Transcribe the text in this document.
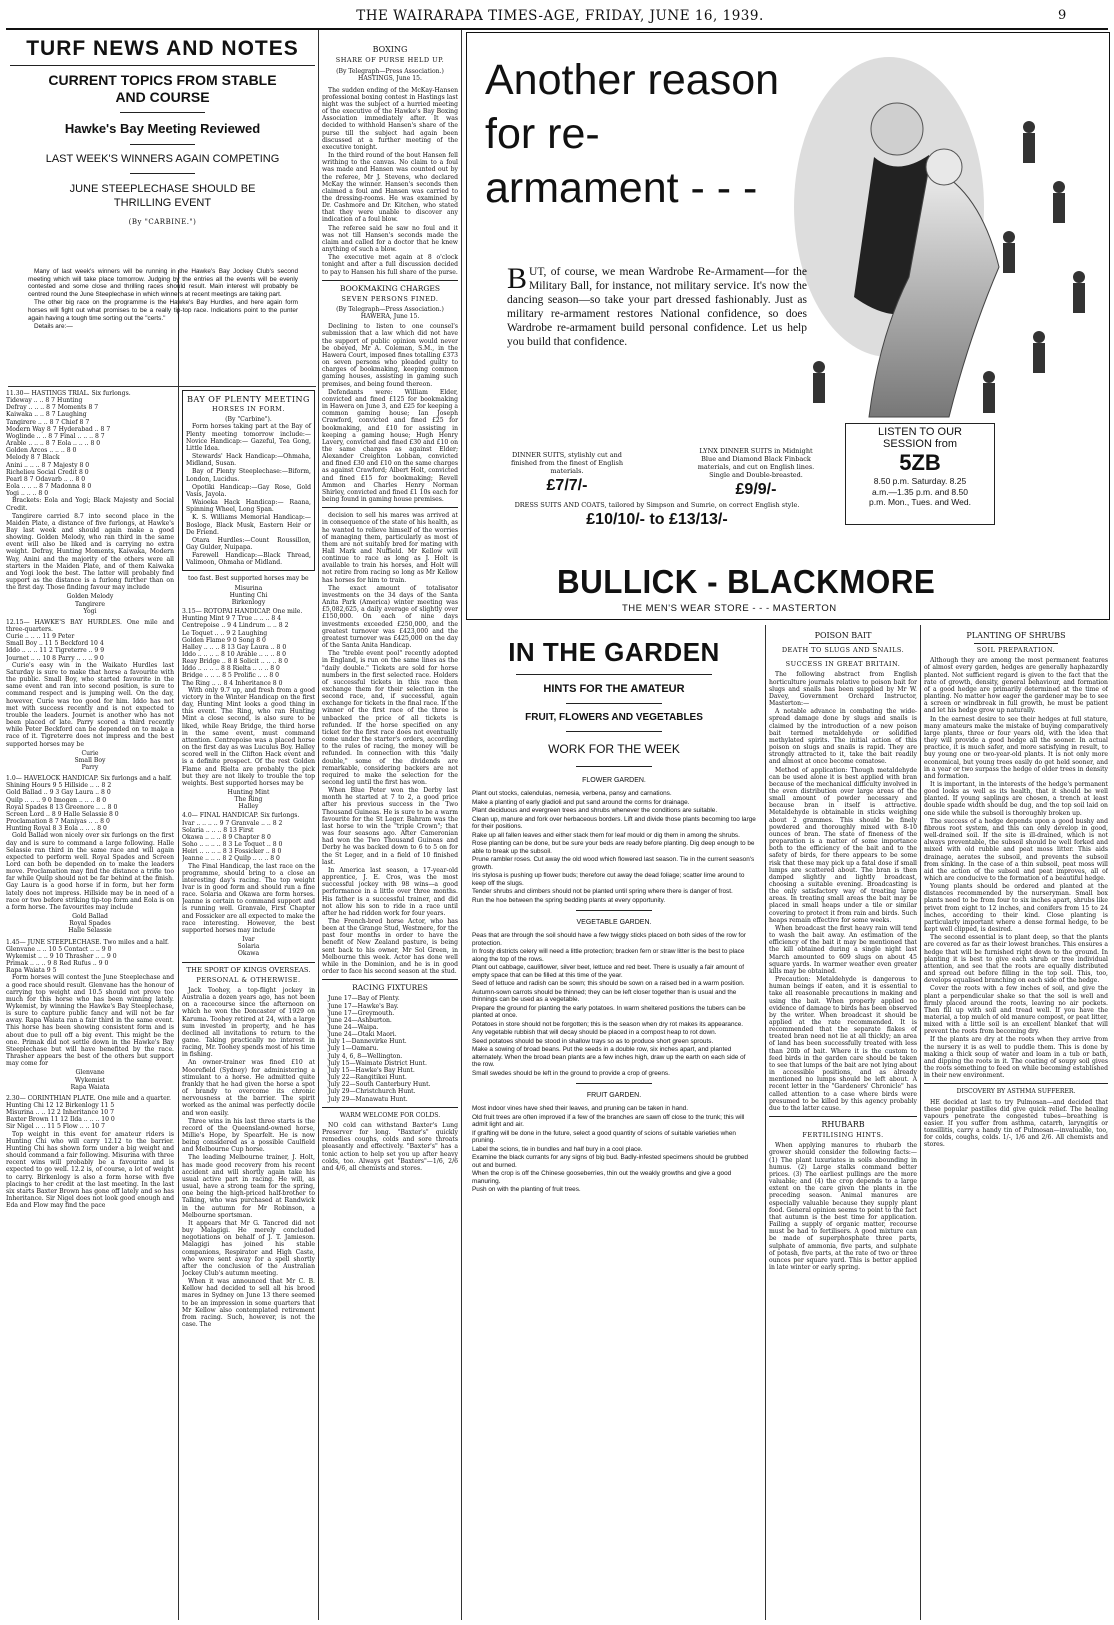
THE WAIRARAPA TIMES-AGE, FRIDAY, JUNE 16, 1939.	9
TURF NEWS AND NOTES
CURRENT TOPICS FROM STABLE AND COURSE
Hawke's Bay Meeting Reviewed
LAST WEEK'S WINNERS AGAIN COMPETING
JUNE STEEPLECHASE SHOULD BE THRILLING EVENT
(By "CARBINE.")

Many of last week's winners will be running in the Hawke's Bay Jockey Club's second meeting which will take place tomorrow. Judging by the entries all the events will be evenly contested and some close and thrilling races should result. Main interest will probably be centred round the June Steeplechase in which winners at recent meetings are taking part.

The other big race on the programme is the Hawke's Bay Hurdles, and here again form horses will fight out what promises to be a really tip-top race. Indications point to the punter again having a tough time sorting out the "certs."

Details are:—

11.30— HASTINGS TRIAL. Six furlongs.
Tideway .. .. 8 7 Hunting
Defray .. .. .. 8 7 Moments 8 7
Kaiwaka .. .. 8 7 Laughing
Tangirere .. .. 8 7 Chief 8 7
Modern Way 8 7 Hyderabad .. 8 7
Woglinde .. .. 8 7 Final .. .. .. 8 7
Arable .. .. .. 8 7 Eola .. .. .. 8 0
Golden Arcos .. .. .. 8 0
Melody 8 7 Black
Anini .. .. .. 8 7 Majesty 8 0
Richelieu Social Credit 8 0
Pearl 8 7 Odavarb .. .. 8 0
Eola .. .. .. 8 7 Madonna 8 0
Yogi .. .. .. 8 0

Brackets: Eola and Yogi; Black Majesty and Social Credit.

Tangirere carried 8.7 into second place in the Maiden Plate, a distance of five furlongs, at Hawke's Bay last week and should again make a good showing. Golden Melody, who ran third in the same event will also be liked and is carrying no extra weight. Defray, Hunting Moments, Kaiwaka, Modern Way, Anini and the majority of the others were all starters in the Maiden Plate, and of them Kaiwaka and Yogi look the best. The latter will probably find support as the distance is a furlong further than on the first day. Those finding favour may include

Golden Melody
Tangirere
Yogi
12.15— HAWKE'S BAY HURDLES. One mile and three-quarters.
Curie .. .. .. 11 9 Peter
Small Boy .. 11 5 Beckford 10 4
Iddo .. .. .. 11 2 Tigreterre .. 9 9
Journet .. .. 10 8 Parry .. .. .. 9 0

Curie's easy win in the Waikato Hurdles last Saturday is sure to make that horse a favourite with the public. Small Boy, who started favourite in the same event and ran into second position, is sure to command respect and is jumping well. On the day, however, Curie was too good for him. Iddo has not met with success recently and is not expected to trouble the leaders. Journet is another who has not been placed of late. Parry scored a third recently while Peter Beckford can be depended on to make a race of it. Tigreterre does not impress and the best supported horses may be

Curie
Small Boy
Parry
1.0— HAVELOCK HANDICAP. Six furlongs and a half.
Shining Hours 9 5 Hillside .. .. 8 2
Gold Ballad .. 9 3 Gay Laura .. 8 0
Quilp .. .. .. 9 0 Imogen .. .. .. 8 0
Royal Spades 8 13 Greenore .. .. 8 0
Screen Lord .. 8 9 Halle Selassie 8 0
Proclamation 8 7 Maniyas .. .. 8 0
Hunting Royal 8 3 Eola .. .. .. 8 0

Gold Ballad won nicely over six furlongs on the first day and is sure to command a large following. Halle Selassie ran third in the same race and will again expected to perform well. Royal Spades and Screen Lord can both be depended on to make the leaders move. Proclamation may find the distance a trifle too far while Quilp should not be far behind at the finish. Gay Laura is a good horse if in form, but her form lately does not impress. Hillside may be in need of a race or two before striking tip-top form and Eola is on a form horse. The favourites may include

Gold Ballad
Royal Spades
Halle Selassie
1.45— JUNE STEEPLECHASE. Two miles and a half.
Glenvane .. .. 10 5 Contact .. .. 9 0
Wykemist .. .. 9 10 Thrasher .. .. 9 0
Primak .. .. .. 9 8 Red Rufus .. 9 0
Rapa Waiata 9 5

Form horses will contest the June Steeplechase and a good race should result. Glenvane has the honour of carrying top weight and 10.5 should not prove too much for this horse who has been winning lately. Wykemist, by winning the Hawke's Bay Steeplechase, is sure to capture public fancy and will not be far away. Rapa Waiata ran a fair third in the same event. This horse has been showing consistent form and is about due to pull off a big event. This might be the one. Primak did not settle down in the Hawke's Bay Steeplechase but will have benefited by the race. Thrasher appears the best of the others but support may come for

Glenvane
Wykemist
Rapa Waiata
2.30— CORINTHIAN PLATE. One mile and a quarter.
Hunting Chi 12 12 Birkenlogy 11 5
Misurina .. .. 12 2 Inheritance 10 7
Baxter Brown 11 12 Ilda .. .. .. 10 0
Sir Nigel .. .. 11 5 Flow .. .. 10 7

Top weight in this event for amateur riders is Hunting Chi who will carry 12.12 to the barrier. Hunting Chi has shown form under a big weight and should command a fair following. Misurina with three recent wins will probably be a favourite and is expected to go well. 12.2 is, of course, a lot of weight to carry. Birkenlogy is also a form horse with five placings to her credit at the last meeting. In the last six starts Baxter Brown has gone off lately and so has Inheritance. Sir Nigel does not look good enough and Eda and Flow may find the pace

BAY OF PLENTY MEETING
HORSES IN FORM.
(By "Carbine").

Form horses taking part at the Bay of Plenty meeting tomorrow include:— Novice Handicap:— Gazeful, Tea Gong, Little Idea.

Stewards' Hack Handicap:—Ohmaha, Midland, Susan.

Bay of Plenty Steeplechase:—Biform, London, Lucidus.

Opotiki Handicap:—Gay Rose, Gold Vasis, Jayola.

Waioeka Hack Handicap:— Raana, Spinning Wheel, Long Span.

K. S. Williams Memorial Handicap:— Bosloge, Black Musk, Eastern Heir or De Friend.

Otara Hurdles:—Count Roussillon, Gay Gulder, Nuipapa.

Farewell Handicap:—Black Thread, Valimoon, Ohmaha or Midland.

too fast. Best supported horses may be

Misurina
Hunting Chi
Birkenlogy
3.15— ROTOPAI HANDICAP. One mile.
Hunting Mint 9 7 True .. .. .. 8 4
Centrepoise .. 9 4 Lindrum .. .. 8 2
Le Toquet .. .. 9 2 Laughing
Golden Flame 9 0 Song 8 0
Halley .. .. .. 8 13 Gay Laura .. 8 0
Iddo .. .. .. .. 8 10 Arable .. .. .. 8 0
Reay Bridge .. 8 8 Solicit .. .. .. 8 0
Iddo .. .. .. .. 8 8 Rielta .. .. .. 8 0
Bridge .. .. .. 8 5 Prolific .. .. 8 0
The Ring .. .. 8 4 Inheritance 8 0

With only 9.7 up, and fresh from a good victory in the Winter Handicap on the first day, Hunting Mint looks a good thing in this event. The Ring, who ran Hunting Mint a close second, is also sure to be liked, while Reay Bridge, the third horse in the same event, must command attention. Centrepoise was a placed horse on the first day as was Luculus Boy. Halley scored well in the Clifton Hack event and is a definite prospect. Of the rest Golden Flame and Rielta are probably the pick but they are not likely to trouble the top weights. Best supported horses may be

Hunting Mint
The Ring
Halley
4.0— FINAL HANDICAP. Six furlongs.
Ivar .. .. .. .. 9 7 Granvale .. .. 8 2
Solaria .. .. .. 8 13 First
Okawa .. .. .. 8 9 Chapter 8 0
Soho .. .. .. .. 8 3 Le Toquet .. 8 0
Heiri .. .. .. .. 8 3 Fossicker .. 8 0
Jeanne .. .. .. 8 2 Quilp .. .. .. 8 0

The Final Handicap, the last race on the programme, should bring to a close an interesting day's racing. The top weight Ivar is in good form and should run a fine race. Solaria and Okawa are form horses. Jeanne is certain to command support and is running well. Granvale, First Chapter and Fossicker are all expected to make the race interesting. However, the best supported horses may include

Ivar
Solaria
Okawa
THE SPORT OF KINGS OVERSEAS.
PERSONAL & OTHERWISE.

Jack Toohey, a top-flight jockey in Australia a dozen years ago, has not been on a racecourse since the afternoon on which he won the Doncaster of 1929 on Karuma. Toohey retired at 24, with a large sum invested in property, and he has declined all invitations to return to the game. Taking practically no interest in racing, Mr. Toohey spends most of his time in fishing.

An owner-trainer was fined £10 at Moorefield (Sydney) for administering a stimulant to a horse. He admitted quite frankly that he had given the horse a spot of brandy to overcome its chronic nervousness at the barrier. The spirit worked as the animal was perfectly docile and won easily.

Three wins in his last three starts is the record of the Queensland-owned horse, Millie's Hope, by Spearfelt. He is now being considered as a possible Caulfield and Melbourne Cup horse.

The leading Melbourne trainer, J. Holt, has made good recovery from his recent accident and will shortly again take his usual active part in racing. He will, as usual, have a strong team for the spring, one being the high-priced half-brother to Talking, who was purchased at Randwick in the autumn for Mr Robinson, a Melbourne sportsman.

It appears that Mr G. Tancred did not buy Malagigi. He merely concluded negotiations on behalf of J. T. Jamieson. Malagigi has joined his stable companions, Respirator and High Caste, who were sent away for a spell shortly after the conclusion of the Australian Jockey Club's autumn meeting.

When it was announced that Mr C. B. Kellow had decided to sell all his brood mares in Sydney on June 13 there seemed to be an impression in some quarters that Mr Kellow also contemplated retirement from racing. Such, however, is not the case. The

BOXING
SHARE OF PURSE HELD UP.
(By Telegraph—Press Association.) HASTINGS, June 15.

The sudden ending of the McKay-Hansen professional boxing contest in Hastings last night was the subject of a hurried meeting of the executive of the Hawke's Bay Boxing Association immediately after. It was decided to withhold Hansen's share of the purse till the subject had again been discussed at a further meeting of the executive tonight.

In the third round of the bout Hansen fell writhing to the canvas. No claim to a foul was made and Hansen was counted out by the referee, Mr J. Stevens, who declared McKay the winner. Hansen's seconds then claimed a foul and Hansen was carried to the dressing-rooms. He was examined by Dr. Cashmore and Dr. Kitchen, who stated that they were unable to discover any indication of a foul blow.

The referee said he saw no foul and it was not till Hansen's seconds made the claim and called for a doctor that he knew anything of such a blow.

The executive met again at 8 o'clock tonight and after a full discussion decided to pay to Hansen his full share of the purse.

BOOKMAKING CHARGES
SEVEN PERSONS FINED.
(By Telegraph—Press Association.) HAWERA, June 15.

Declining to listen to one counsel's submission that a law which did not have the support of public opinion would never be obeyed, Mr A. Coleman, S.M., in the Hawera Court, imposed fines totalling £373 on seven persons who pleaded guilty to charges of bookmaking, keeping common gaming houses, assisting in gaming such premises, and being found thereon.

Defendants were: William Elder, convicted and fined £125 for bookmaking in Hawera on June 3, and £25 for keeping a common gaming house; Ian Joseph Crawford, convicted and fined £25 for bookmaking, and £10 for assisting in keeping a gaming house; Hugh Henry Lavery, convicted and fined £30 and £10 on the same charges as against Elder; Alexander Creighton Lobban, convicted and fined £30 and £10 on the same charges as against Crawford; Albert Holt, convicted and fined £15 for bookmaking; Revell Ammon and Charles Henry Norman Shirley, convicted and fined £1 10s each for being found in gaming house premises.

decision to sell his mares was arrived at in consequence of the state of his health, as he wanted to relieve himself of the worries of managing them, particularly as most of them are not suitably bred for mating with Hall Mark and Nuffield. Mr Kellow will continue to race as long as J. Holt is available to train his horses, and Holt will not retire from racing so long as Mr Kellow has horses for him to train.

The exact amount of totalisator investments on the 34 days of the Santa Anita Park (America) winter meeting was £5,082,625, a daily average of slightly over £150,000. On each of nine days investments exceeded £250,000, and the greatest turnover was £423,000 and the greatest turnover was £425,000 on the day of the Santa Anita Handicap.

The "treble event pool" recently adopted in England, is run on the same lines as the "daily double." Tickets are sold for horse numbers in the first selected race. Holders of successful tickets in this race then exchange them for their selection in the second race, and, if successful, again exchange for tickets in the final race. If the winner of the first race of the three is unbacked the price of all tickets is refunded. If the horse specified on any ticket for the first race does not eventually come under the starter's orders, according to the rules of racing, the money will be refunded. In connection with this "daily double," some of the dividends are remarkable, considering backers are not required to make the selection for the second leg until the first has won.

When Blue Peter won the Derby last month he started at 7 to 2, a good price after his previous success in the Two Thousand Guineas. He is sure to be a warm favourite for the St Leger. Bahram was the last horse to win the "triple Crown"; that was four seasons ago. After Cameronian had won the Two Thousand Guineas and Derby he was backed down to 6 to 5 on for the St Leger, and in a field of 10 finished last.

In America last season, a 17-year-old apprentice, J. E. Cros, was the most successful jockey with 98 wins—a good performance in a little over three months. His father is a successful trainer, and did not allow his son to ride in a race until after he had ridden work for four years.

The French-bred horse Actor, who has been at the Grange Stud, Westmere, for the past four months in order to have the benefit of New Zealand pasture, is being sent back to his owner, Mr Sol Green, in Melbourne this week. Actor has done well while in the Dominion, and he is in good order to face his second season at the stud.

RACING FIXTURES
June 17—Bay of Plenty.
June 17—Hawke's Bay.
June 17—Greymouth.
June 24—Ashburton.
June 24—Waipa.
June 24—Otaki Maori.
July 1—Dannevirke Hunt.
July 1—Oamaru.
July 4, 6, 8—Wellington.
July 15—Waimate District Hunt.
July 15—Hawke's Bay Hunt.
July 22—Rangitikei Hunt.
July 22—South Canterbury Hunt.
July 29—Christchurch Hunt.
July 29—Manawatu Hunt.
WARM WELCOME FOR COLDS.

NO cold can withstand Baxter's Lung Preserver for long. "Baxter's" quickly remedies coughs, colds and sore throats pleasantly and effectively. "Baxter's" has a tonic action to help set you up after heavy colds, too. Always get "Baxters"—1/6, 2/6 and 4/6, all chemists and stores.

Another reason for re-armament - - -
B UT, of course, we mean Wardrobe Re-Armament—for the Military Ball, for instance, not military service. It's now the dancing season—so take your part dressed fashionably. Just as military re-armament restores National confidence, so does Wardrobe re-armament build personal confidence. Let us help you build that confidence.
DINNER SUITS, stylishly cut and finished from the finest of English materials.
£7/7/-
LYNX DINNER SUITS in Midnight Blue and Diamond Black Finback materials, and cut on English lines. Single and Double-breasted.
£9/9/-
DRESS SUITS AND COATS, tailored by Simpson and Sumrie, on correct English style.
£10/10/- to £13/13/-
LISTEN TO OUR SESSION from
5ZB
8.50 p.m. Saturday. 8.25 a.m.—1.35 p.m. and 8.50 p.m. Mon., Tues. and Wed.
BULLICK - BLACKMORE
THE MEN'S WEAR STORE - - - MASTERTON
IN THE GARDEN
HINTS FOR THE AMATEUR
FRUIT, FLOWERS AND VEGETABLES
WORK FOR THE WEEK
FLOWER GARDEN.
Plant out stocks, calendulas, nemesia, verbena, pansy and carnations.
Make a planting of early gladioli and put sand around the corms for drainage.
Plant deciduous and evergreen trees and shrubs whenever the conditions are suitable.
Clean up, manure and fork over herbaceous borders. Lift and divide those plants becoming too large for their positions.
Rake up all fallen leaves and either stack them for leaf mould or dig them in among the shrubs.
Rose planting can be done, but be sure your beds are ready before planting. Dig deep enough to be able to break up the subsoil.
Prune rambler roses. Cut away the old wood which flowered last season. Tie in the current season's growth.
Iris stylosa is pushing up flower buds; therefore cut away the dead foliage; scatter lime around to keep off the slugs.
Tender shrubs and climbers should not be planted until spring where there is danger of frost.
Run the hoe between the spring bedding plants at every opportunity.
VEGETABLE GARDEN.
Peas that are through the soil should have a few twiggy sticks placed on both sides of the row for protection.
In frosty districts celery will need a little protection; bracken fern or straw litter is the best to place along the top of the rows.
Plant out cabbage, cauliflower, silver beet, lettuce and red beet. There is usually a fair amount of empty space that can be filled at this time of the year.
Seed of lettuce and radish can be sown; this should be sown on a raised bed in a warm position.
Autumn-sown carrots should be thinned; they can be left closer together than is usual and the thinnings can be used as a vegetable.
Prepare the ground for planting the early potatoes. In warm sheltered positions the tubers can be planted at once.
Potatoes in store should not be forgotten; this is the season when dry rot makes its appearance.
Any vegetable rubbish that will decay should be placed in a compost heap to rot down.
Seed potatoes should be stood in shallow trays so as to produce short green sprouts.
Make a sowing of broad beans. Put the seeds in a double row, six inches apart, and planted alternately. When the broad bean plants are a few inches high, draw up the earth on each side of the row.
Small swedes should be left in the ground to provide a crop of greens.
FRUIT GARDEN.
Most indoor vines have shed their leaves, and pruning can be taken in hand.
Old fruit trees are often improved if a few of the branches are sawn off close to the trunk; this will admit light and air.
If grafting will be done in the future, select a good quantity of scions of suitable varieties when pruning.
Label the scions, tie in bundles and half bury in a cool place.
Examine the black currants for any signs of big bud. Badly-infested specimens should be grubbed out and burned.
When the crop is off the Chinese gooseberries, thin out the weakly growths and give a good manuring.
Push on with the planting of fruit trees.
POISON BAIT
DEATH TO SLUGS AND SNAILS.
SUCCESS IN GREAT BRITAIN.

The following abstract from English horticulture journals relative to poison bait for slugs and snails has been supplied by Mr W. Davey, Government Orchard Instructor, Masterton:—

A notable advance in combating the wide-spread damage done by slugs and snails is claimed by the introduction of a new poison bait termed metaldehyde or solidified methylated spirits. The initial action of this poison on slugs and snails is rapid. They are strongly attracted to it, take the bait readily and almost at once become comatose.

Method of application: Though metaldehyde can be used alone it is best applied with bran because of the mechanical difficulty involved in the even distribution over large areas of the small amount of powder necessary and because bran in itself is attractive. Metaldehyde is obtainable in sticks weighing about 2 grammes. This should be finely powdered and thoroughly mixed with 8-10 ounces of bran. The state of fineness of the preparation is a matter of some importance both to the efficiency of the bait and to the safety of birds, for there appears to be some risk that these may pick up a fatal dose if small lumps are scattered about. The bran is then damped slightly and lightly broadcast, choosing a suitable evening. Broadcasting is the only satisfactory way of treating large areas. In treating small areas the bait may be placed in small heaps under a tile or similar covering to protect it from rain and birds. Such heaps remain effective for some weeks.

When broadcast the first heavy rain will tend to wash the bait away. An estimation of the efficiency of the bait it may be mentioned that the kill obtained during a single night last March amounted to 609 slugs on about 45 square yards. In warmer weather even greater kills may be obtained.

Precaution: Metaldehyde is dangerous to human beings if eaten, and it is essential to take all reasonable precautions in making and using the bait. When properly applied no evidence of damage to birds has been observed by the writer. When broadcast it should be applied at the rate recommended. It is recommended that the separate flakes of treated bran need not lie at all thickly; an area of land has been successfully treated with less than 20lb of bait. Where it is the custom to feed birds in the garden care should be taken to see that lumps of the bait are not lying about in accessible positions, and as already mentioned no lumps should be left about. A recent letter in the "Gardeners' Chronicle" has called attention to a case where birds were presumed to be killed by this agency probably due to the latter cause.

RHUBARB
FERTILISING HINTS.

When applying manures to rhubarb the grower should consider the following facts:—(1) The plant luxuriates in soils abounding in humus. (2) Large stalks command better prices. (3) The earliest pullings are the more valuable; and (4) the crop depends to a large extent on the care given the plants in the preceding season. Animal manures are especially valuable because they supply plant food. General opinion seems to point to the fact that autumn is the best time for application. Failing a supply of organic matter, recourse must be had to fertilisers. A good mixture can be made of superphosphate three parts, sulphate of ammonia, five parts, and sulphate of potash, five parts, at the rate of two or three ounces per square yard. This is better applied in late winter or early spring.

PLANTING OF SHRUBS
SOIL PREPARATION.

Although they are among the most permanent features of almost every garden, hedges are generally haphazardly planted. Not sufficient regard is given to the fact that the rate of growth, density, general behaviour, and formation of a good hedge are primarily determined at the time of planting. No matter how eager the gardener may be to see a screen or windbreak in full growth, he must be patient and let his hedge grow up naturally.

In the earnest desire to see their hedges at full stature, many amateurs make the mistake of buying comparatively large plants, three or four years old, with the idea that they will provide a good hedge all the sooner. In actual practice, it is much safer, and more satisfying in result, to buy young one or two-year-old plants. It is not only more economical, but young trees easily do get held sooner, and in a year or two surpass the hedge of older trees in density and formation.

It is important, in the interests of the hedge's permanent good looks as well as its health, that it should be well planted. If young saplings are chosen, a trench at least double spade width should be dug, and the top soil laid on one side while the subsoil is thoroughly broken up.

The success of a hedge depends upon a good bushy and fibrous root system, and this can only develop in good, well-drained soil. If the site is ill-drained, which is not always preventable, the subsoil should be well forked and mixed with old rubble and peat moss litter. This aids drainage, aerates the subsoil, and prevents the subsoil from sinking. In the case of a thin subsoil, peat moss will aid the action of the subsoil and peat improves, all of which are conducive to the formation of a beautiful hedge.

Young plants should be ordered and planted at the distances recommended by the nurseryman. Small box plants need to be from four to six inches apart, shrubs like privet from eight to 12 inches, and conifers from 15 to 24 inches, according to their kind. Close planting is particularly important where a dense formal hedge, to be kept well clipped, is desired.

The second essential is to plant deep, so that the plants are covered as far as their lowest branches. This ensures a hedge that will be furnished right down to the ground. In planting it is best to give each shrub or tree individual attention, and see that the roots are equally distributed and spread out before filling in the top soil. This, too, develops equalised branching on each side of the hedge.

Cover the roots with a few inches of soil, and give the plant a perpendicular shake so that the soil is well and firmly placed around the roots, leaving no air pockets. Then fill up with soil and tread well. If you have the material, a top mulch of old manure compost, or peat litter, mixed with a little soil is an excellent blanket that will prevent the roots from becoming dry.

If the plants are dry at the roots when they arrive from the nursery it is as well to puddle them. This is done by making a thick soup of water and loam in a tub or bath, and dipping the roots in it. The coating of soupy soil gives the roots something to feed on while becoming established in their new environment.

DISCOVERY BY ASTHMA SUFFERER.

HE decided at last to try Pulmosan—and decided that these popular pastilles did give quick relief. The healing vapours penetrate the congested tubes—breathing is easier. If you suffer from asthma, catarrh, laryngitis or tonsillitis, carry a handy tin of Pulmosan—invaluable, too, for colds, coughs, colds. 1/-, 1/6 and 2/6. All chemists and stores.
